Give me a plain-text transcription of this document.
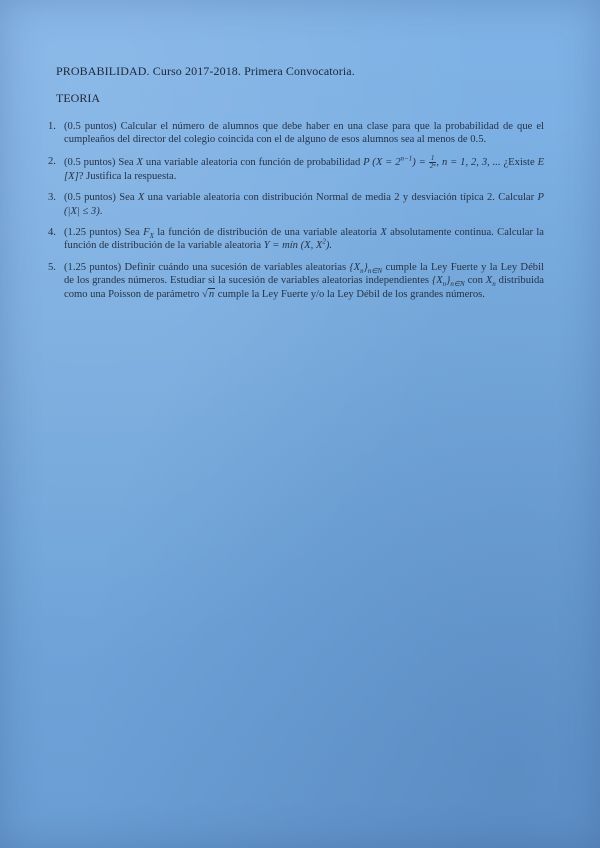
PROBABILIDAD. Curso 2017-2018. Primera Convocatoria.
TEORIA
1. (0.5 puntos) Calcular el número de alumnos que debe haber en una clase para que la probabilidad de que el cumpleaños del director del colegio coincida con el de alguno de esos alumnos sea al menos de 0.5.
2. (0.5 puntos) Sea X una variable aleatoria con función de probabilidad P $(X = 2^{n-1}) = \frac{1}{\text{2ⁿ}}$ , n = 1, 2, 3, ... ¿Existe E [X]? Justifica la respuesta.
3. (0.5 puntos) Sea X una variable aleatoria con distribución Normal de media 2 y desviación típica 2. Calcular P (|X| ≤ 3).
4. (1.25 puntos) Sea $F_X$ la función de distribución de una variable aleatoria X absolutamente continua. Calcular la función de distribución de la variable aleatoria Y = mín (X, $X^2$).
5. (1.25 puntos) Definir cuándo una sucesión de variables aleatorias $\{X_n\}_{n\in N}$ cumple la Ley Fuerte y la Ley Débil de los grandes números. Estudiar si la sucesión de variables aleatorias independientes $\{X_n\}_{n\in N}$ con $X_n$ distribuida como una Poisson de parámetro √n cumple la Ley Fuerte y/o la Ley Débil de los grandes números.
